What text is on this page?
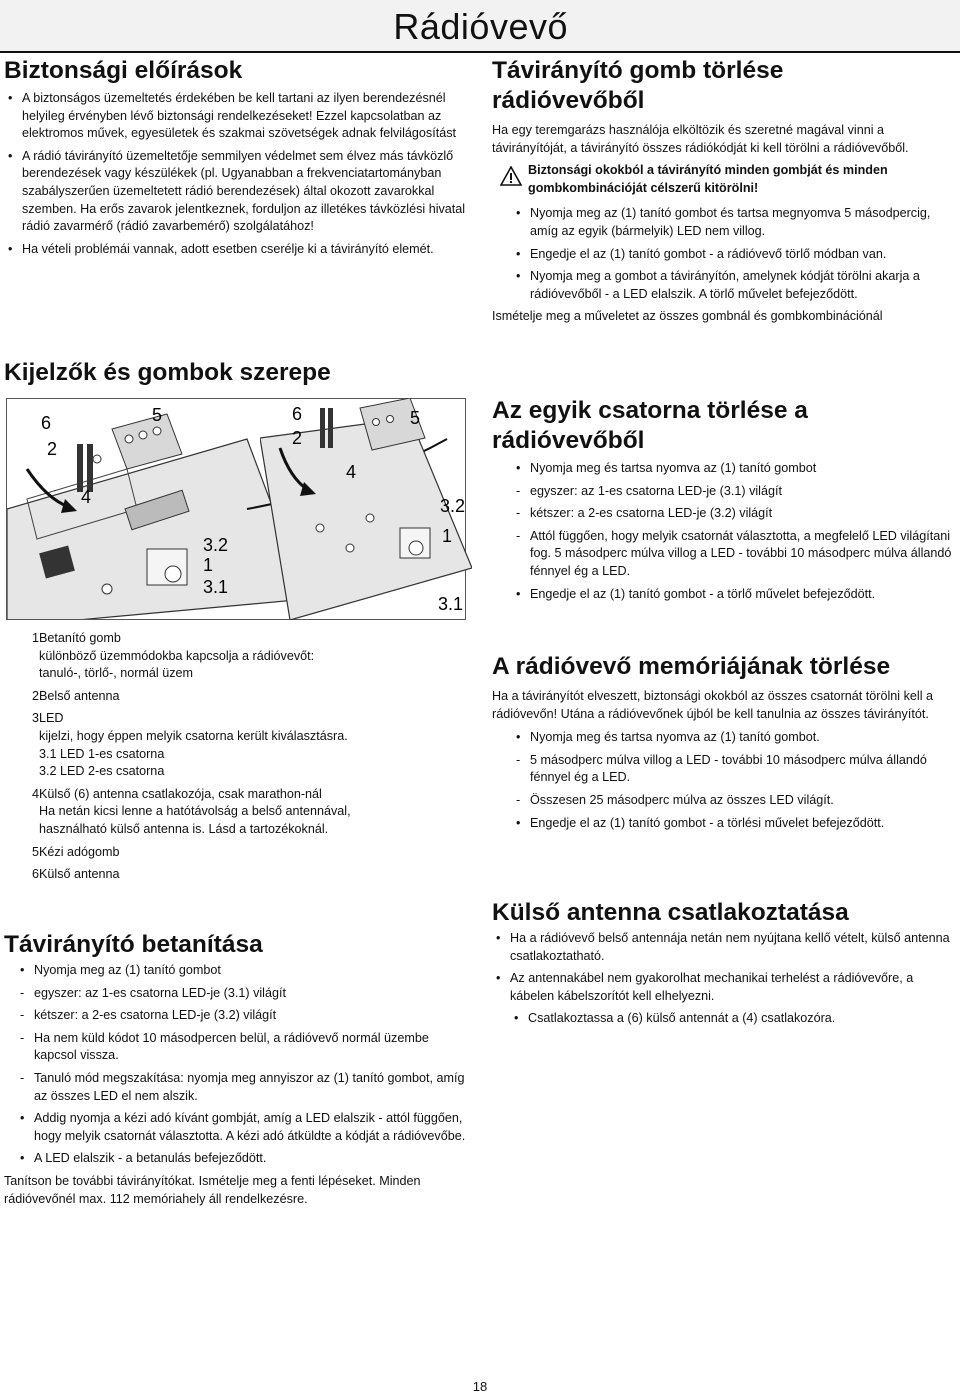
Rádióvevő
Biztonsági előírások
• A biztonságos üzemeltetés érdekében be kell tartani az ilyen berendezésnél helyileg érvényben lévő biztonsági rendelkezéseket! Ezzel kapcsolatban az elektromos művek, egyesületek és szakmai szövetségek adnak felvilágosítást
• A rádió távirányító üzemeltetője semmilyen védelmet sem élvez más távközlő berendezések vagy készülékek (pl. Ugyanabban a frekvenciatartományban szabályszerűen üzemeltetett rádió berendezések) által okozott zavarokkal szemben. Ha erős zavarok jelentkeznek, forduljon az illetékes távközlési hivatal rádió zavarmérő (rádió zavarbemérő) szolgálatához!
• Ha vételi problémái vannak, adott esetben cserélje ki a távirányító elemét.
Kijelzők és gombok szerepe
6
2
5
4
3.2
1
3.1
1	Betanító gomb
különböző üzemmódokba kapcsolja a rádióvevőt:
tanuló-, törlő-, normál üzem

2	Belső antenna
3	LED
kijelzi, hogy éppen melyik csatorna került kiválasztásra.
3.1 LED 1-es csatorna
3.2 LED 2-es csatorna

4	Külső (6) antenna csatlakozója, csak marathon-nál
Ha netán kicsi lenne a hatótávolság a belső antennával,
használható külső antenna is. Lásd a tartozékoknál.

5	Kézi adógomb
6	Külső antenna
Távirányító betanítása
• Nyomja meg az (1) tanító gombot
- egyszer: az 1-es csatorna LED-je (3.1) világít
- kétszer: a 2-es csatorna LED-je (3.2) világít
- Ha nem küld kódot 10 másodpercen belül, a rádióvevő normál üzembe kapcsol vissza.
- Tanuló mód megszakítása: nyomja meg annyiszor az (1) tanító gombot, amíg az összes LED el nem alszik.
• Addig nyomja a kézi adó kívánt gombját, amíg a LED elalszik - attól függően, hogy melyik csatornát választotta. A kézi adó átküldte a kódját a rádióvevőbe.
• A LED elalszik - a betanulás befejeződött.

Tanítson be további távirányítókat. Ismételje meg a fenti lépéseket. Minden rádióvevőnél max. 112 memóriahely áll rendelkezésre.

Távirányító gomb törlése rádióvevőből

Ha egy teremgarázs használója elköltözik és szeretné magával vinni a távirányítóját, a távirányító összes rádiókódját ki kell törölni a rádióvevőből.

Biztonsági okokból a távirányító minden gombját és minden gombkombinációját célszerű kitörölni!

• Nyomja meg az (1) tanító gombot és tartsa megnyomva 5 másodpercig, amíg az egyik (bármelyik) LED nem villog.
• Engedje el az (1) tanító gombot - a rádióvevő törlő módban van.
• Nyomja meg a gombot a távirányítón, amelynek kódját törölni akarja a rádióvevőből - a LED elalszik. A törlő művelet befejeződött.

Ismételje meg a műveletet az összes gombnál és gombkombinációnál

6
2
5
4
3.2
1
3.1
Az egyik csatorna törlése a rádióvevőből
• Nyomja meg és tartsa nyomva az (1) tanító gombot
- egyszer: az 1-es csatorna LED-je (3.1) világít
- kétszer: a 2-es csatorna LED-je (3.2) világít
- Attól függően, hogy melyik csatornát választotta, a megfelelő LED világítani fog. 5 másodperc múlva villog a LED - további 10 másodperc múlva állandó fénnyel ég a LED.
• Engedje el az (1) tanító gombot - a törlő művelet befejeződött.
A rádióvevő memóriájának törlése

Ha a távirányítót elveszett, biztonsági okokból az összes csatornát törölni kell a rádióvevőn! Utána a rádióvevőnek újból be kell tanulnia az összes távirányítót.

• Nyomja meg és tartsa nyomva az (1) tanító gombot.
- 5 másodperc múlva villog a LED - további 10 másodperc múlva állandó fénnyel ég a LED.
- Összesen 25 másodperc múlva az összes LED világít.
• Engedje el az (1) tanító gombot - a törlési művelet befejeződött.
Külső antenna csatlakoztatása
• Ha a rádióvevő belső antennája netán nem nyújtana kellő vételt, külső antenna csatlakoztatható.
• Az antennakábel nem gyakorolhat mechanikai terhelést a rádióvevőre, a kábelen kábelszorítót kell elhelyezni.
• Csatlakoztassa a (6) külső antennát a (4) csatlakozóra.
18
